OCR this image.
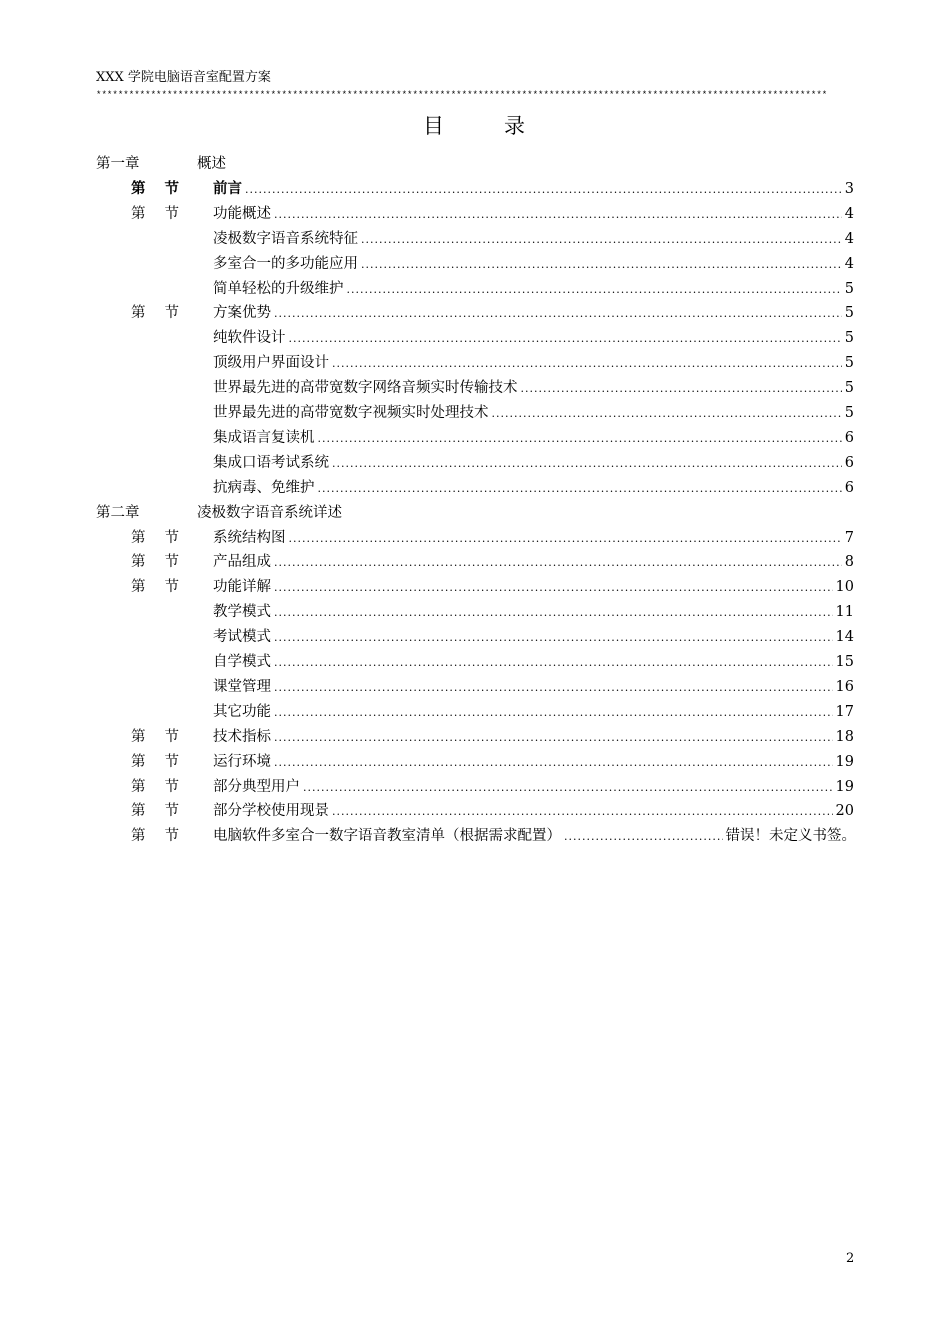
XXX 学院电脑语音室配置方案
**************************************************************************************************************************************
目	录
第一章	概述
第 节 前言 .....	3
第 节 功能概述 .....	4
凌极数字语音系统特征 .....	4
多室合一的多功能应用 .....	4
简单轻松的升级维护 .....	5
第 节 方案优势 .....	5
纯软件设计 .....	5
顶级用户界面设计 .....	5
世界最先进的高带宽数字网络音频实时传输技术 .....	5
世界最先进的高带宽数字视频实时处理技术 .....	5
集成语言复读机 .....	6
集成口语考试系统 .....	6
抗病毒、免维护 .....	6
第二章	凌极数字语音系统详述
第 节 系统结构图 .....	7
第 节 产品组成 .....	8
第 节 功能详解 .....	10
教学模式 .....	11
考试模式 .....	14
自学模式 .....	15
课堂管理 .....	16
其它功能 .....	17
第 节 技术指标 .....	18
第 节 运行环境 .....	19
第 节 部分典型用户 .....	19
第 节 部分学校使用现景 .....	20
第 节 电脑软件多室合一数字语音教室清单（根据需求配置） .....	错误！未定义书签。
2
